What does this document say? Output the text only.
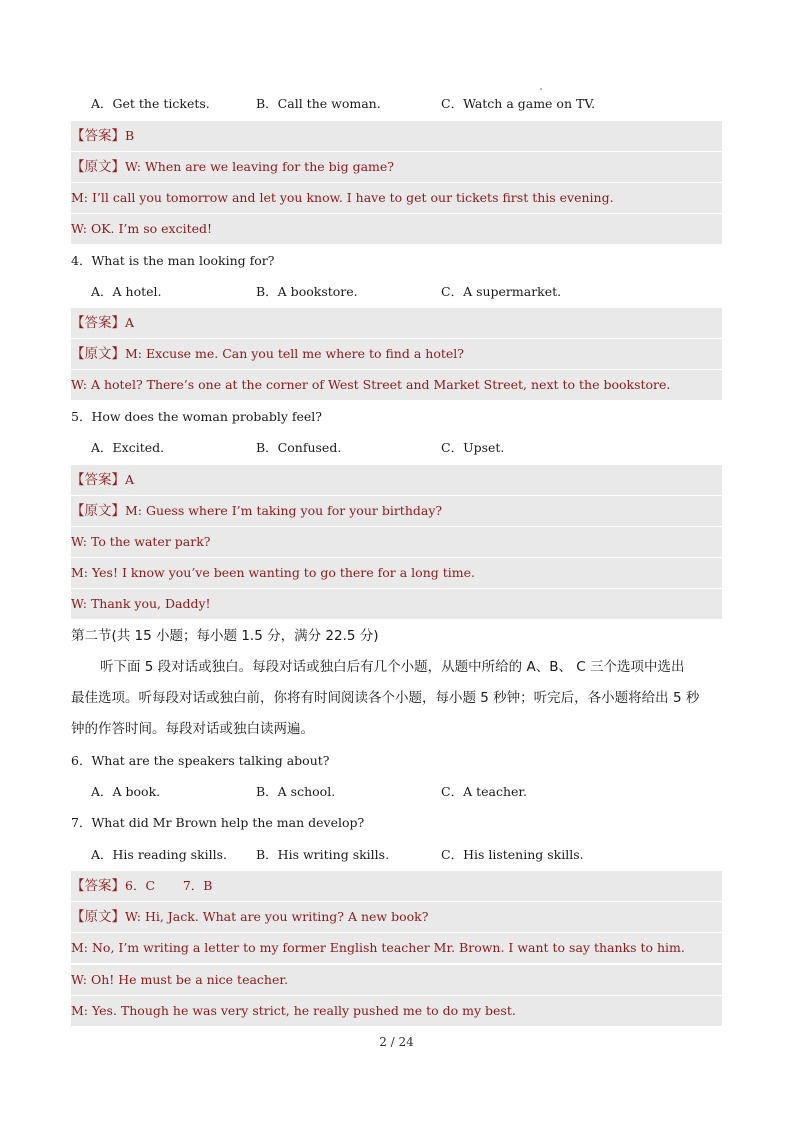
A．Get the tickets.	B．Call the woman.	C．Watch a game on TV.
【答案】B
【原文】W: When are we leaving for the big game?
M: I’ll call you tomorrow and let you know. I have to get our tickets first this evening.
W: OK. I’m so excited!
4．What is the man looking for?
A．A hotel.	B．A bookstore.	C．A supermarket.
【答案】A
【原文】M: Excuse me. Can you tell me where to find a hotel?
W: A hotel? There’s one at the corner of West Street and Market Street, next to the bookstore.
5．How does the woman probably feel?
A．Excited.	B．Confused.	C．Upset.
【答案】A
【原文】M: Guess where I’m taking you for your birthday?
W: To the water park?
M: Yes! I know you’ve been wanting to go there for a long time.
W: Thank you, Daddy!
第二节(共 15 小题；每小题 1.5 分，满分 22.5 分)
听下面 5 段对话或独白。每段对话或独白后有几个小题，从题中所给的 A、B、 C 三个选项中选出
最佳选项。听每段对话或独白前，你将有时间阅读各个小题，每小题 5 秒钟；听完后，各小题将给出 5 秒
钟的作答时间。每段对话或独白读两遍。
6．What are the speakers talking about?
A．A book.	B．A school.	C．A teacher.
7．What did Mr Brown help the man develop?
A．His reading skills. B．His writing skills.	C．His listening skills.
【答案】6．C       7．B
【原文】W: Hi, Jack. What are you writing? A new book?
M: No, I’m writing a letter to my former English teacher Mr. Brown. I want to say thanks to him.
W: Oh! He must be a nice teacher.
M: Yes. Though he was very strict, he really pushed me to do my best.
2 / 24
